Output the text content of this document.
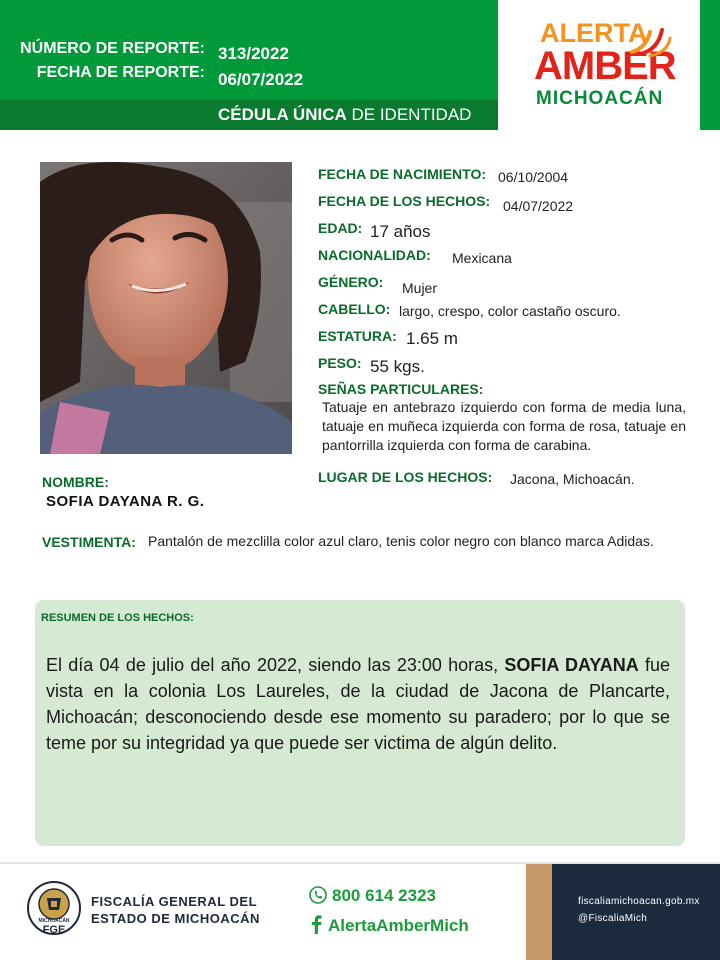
NÚMERO DE REPORTE: 313/2022
FECHA DE REPORTE: 06/07/2022
CÉDULA ÚNICA DE IDENTIDAD
ALERTA
AMBER
MICHOACÁN
FECHA DE NACIMIENTO: 06/10/2004
FECHA DE LOS HECHOS: 04/07/2022
EDAD: 17 años
NACIONALIDAD: Mexicana
GÉNERO: Mujer
CABELLO: largo, crespo, color castaño oscuro.
ESTATURA: 1.65 m
PESO: 55 kgs.
SEÑAS PARTICULARES:
Tatuaje en antebrazo izquierdo con forma de media luna, tatuaje en muñeca izquierda con forma de rosa, tatuaje en pantorrilla izquierda con forma de carabina.
LUGAR DE LOS HECHOS: Jacona, Michoacán.
NOMBRE:
SOFIA DAYANA R. G.
VESTIMENTA: Pantalón de mezclilla color azul claro, tenis color negro con blanco marca Adidas.
RESUMEN DE LOS HECHOS:
El día 04 de julio del año 2022, siendo las 23:00 horas, SOFIA DAYANA fue vista en la colonia Los Laureles, de la ciudad de Jacona de Plancarte, Michoacán; desconociendo desde ese momento su paradero; por lo que se teme por su integridad ya que puede ser victima de algún delito.
MICHOACÁN
FGE
FISCALÍA GENERAL DEL
ESTADO DE MICHOACÁN
800 614 2323
AlertaAmberMich
fiscaliamichoacan.gob.mx
@FiscaliaMich
